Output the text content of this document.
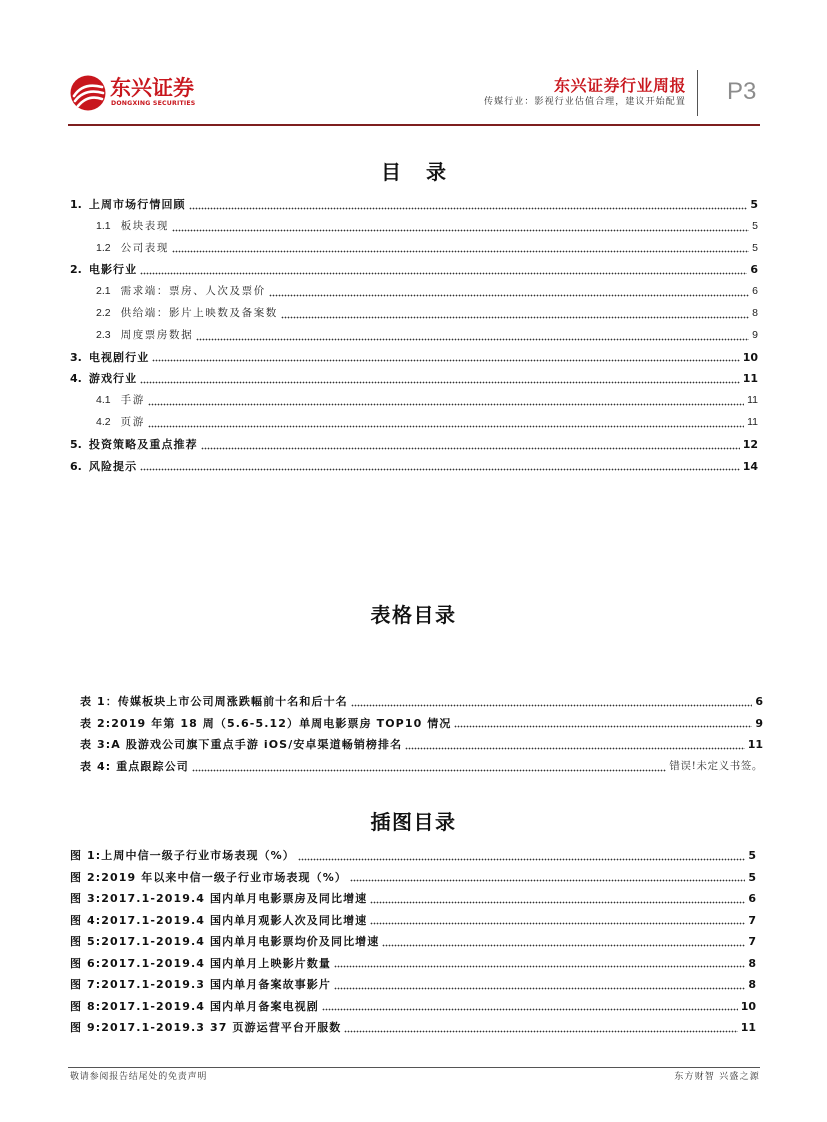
东兴证券
DONGXING SECURITIES
东兴证券行业周报
传媒行业：影视行业估值合理，建议开始配置 P3
目 录
1. 上周市场行情回顾	5
1.1 板块表现	5
1.2 公司表现	5
2. 电影行业	6
2.1 需求端：票房、人次及票价	6
2.2 供给端：影片上映数及备案数	8
2.3 周度票房数据	9
3. 电视剧行业	10
4. 游戏行业	11
4.1 手游	11
4.2 页游	11
5. 投资策略及重点推荐	12
6. 风险提示	14
表格目录
表 1：传媒板块上市公司周涨跌幅前十名和后十名	6
表 2:2019 年第 18 周（5.6-5.12）单周电影票房 TOP10 情况	9
表 3:A 股游戏公司旗下重点手游 iOS/安卓渠道畅销榜排名	11
表 4: 重点跟踪公司	错误!未定义书签。
插图目录
图 1:上周中信一级子行业市场表现（%）	5
图 2:2019 年以来中信一级子行业市场表现（%）	5
图 3:2017.1-2019.4 国内单月电影票房及同比增速	6
图 4:2017.1-2019.4 国内单月观影人次及同比增速	7
图 5:2017.1-2019.4 国内单月电影票均价及同比增速	7
图 6:2017.1-2019.4 国内单月上映影片数量	8
图 7:2017.1-2019.3 国内单月备案故事影片	8
图 8:2017.1-2019.4 国内单月备案电视剧	10
图 9:2017.1-2019.3 37 页游运营平台开服数	11
敬请参阅报告结尾处的免责声明	东方财智 兴盛之源
